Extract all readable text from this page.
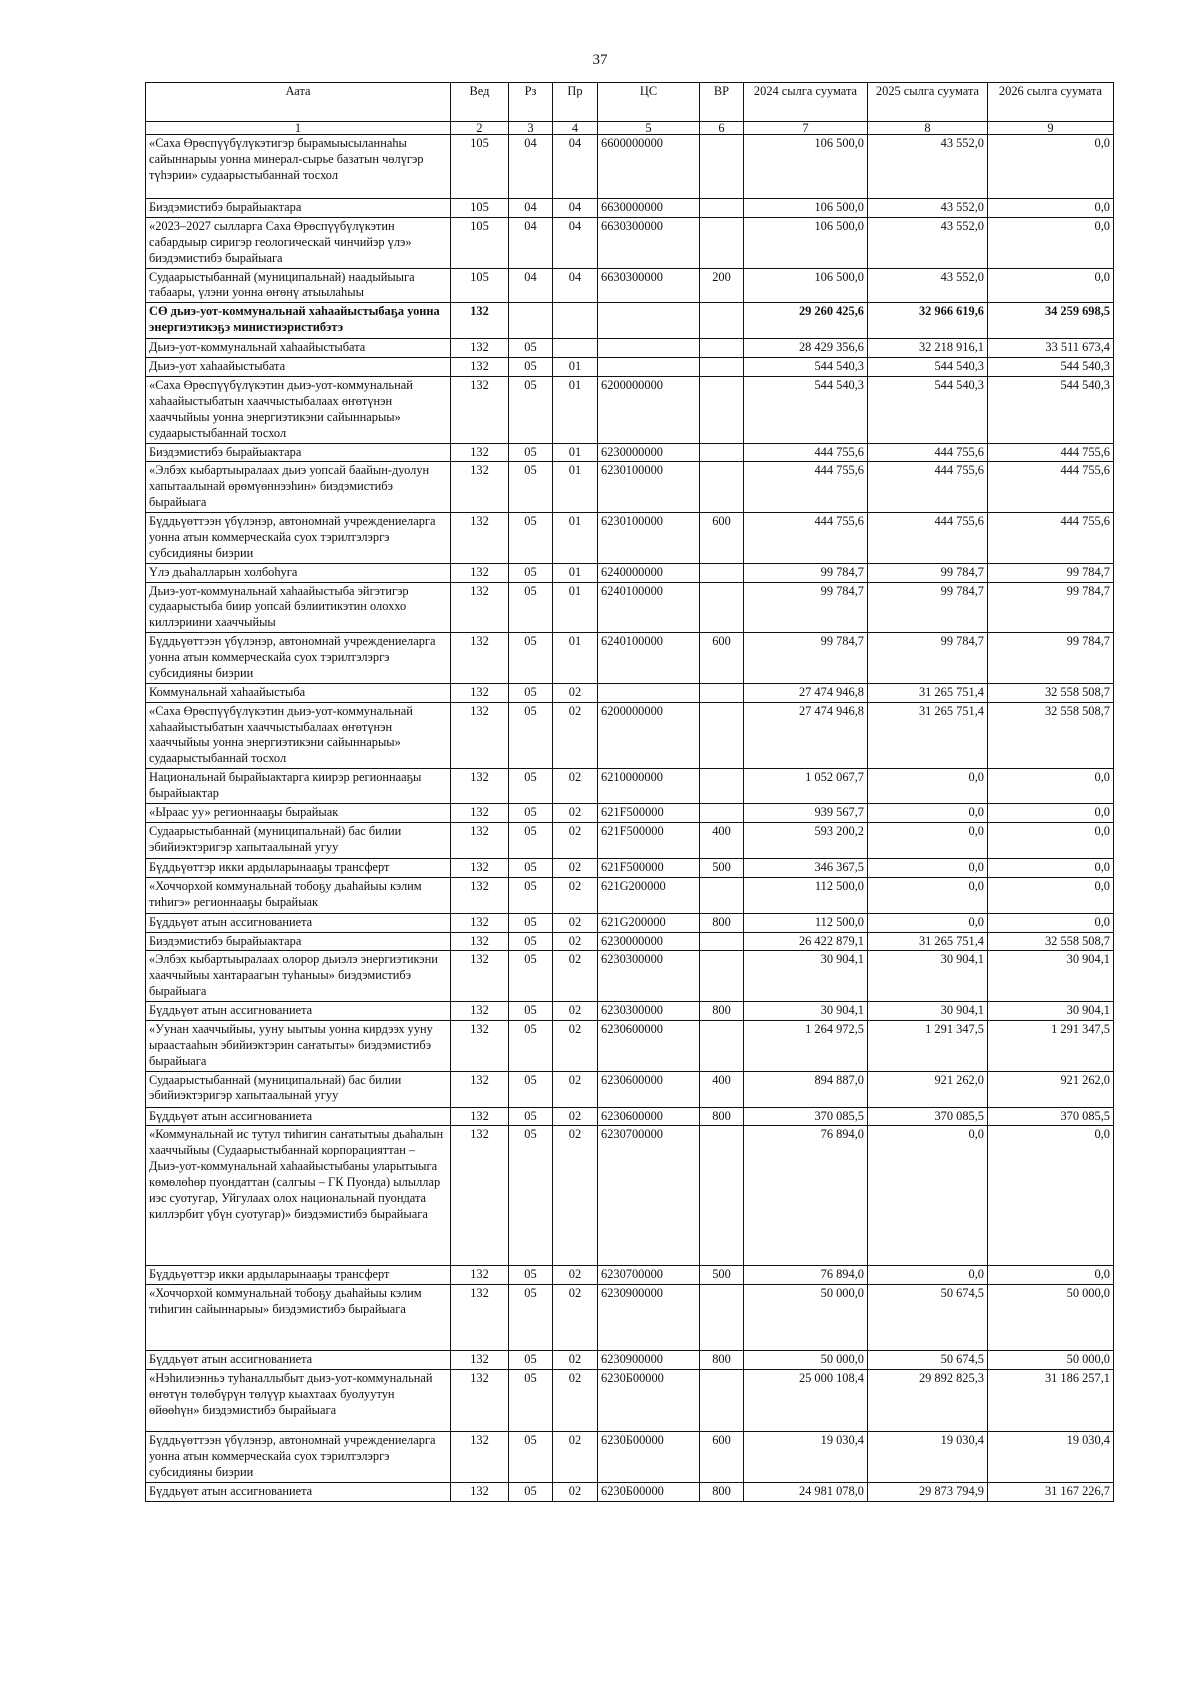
37
Аата	Вед	Рз	Пр	ЦС	ВР	2024 сылга суумата	2025 сылга суумата	2026 сылга суумата
1	2	3	4	5	6	7	8	9
«Саха Өрөспүүбүлүкэтигэр бырамыысыланнаһы сайыннарыы уонна минерал-сырье базатын чөлүгэр түһэрии» судаарыстыбаннай тосхол	105	04	04	6600000000		106 500,0	43 552,0	0,0
Биэдэмистибэ бырайыактара	105	04	04	6630000000		106 500,0	43 552,0	0,0
«2023–2027 сылларга Саха Өрөспүүбүлүкэтин сабардыыр сиригэр геологическай чинчийэр үлэ» биэдэмистибэ бырайыага	105	04	04	6630300000		106 500,0	43 552,0	0,0
Судаарыстыбаннай (муниципальнай) наадыйыыга табаары, үлэни уонна өҥөнү атыылаһыы	105	04	04	6630300000	200	106 500,0	43 552,0	0,0
СӨ дьиэ-уот-коммунальнай хаһаайыстыбаҕа уонна энергиэтикэҕэ министиэристибэтэ	132					29 260 425,6	32 966 619,6	34 259 698,5
Дьиэ-уот-коммунальнай хаһаайыстыбата	132	05				28 429 356,6	32 218 916,1	33 511 673,4
Дьиэ-уот хаһаайыстыбата	132	05	01			544 540,3	544 540,3	544 540,3
«Саха Өрөспүүбүлүкэтин дьиэ-уот-коммунальнай хаһаайыстыбатын хааччыстыбалаах өҥөтүнэн хааччыйыы уонна энергиэтикэни сайыннарыы» судаарыстыбаннай тосхол	132	05	01	6200000000		544 540,3	544 540,3	544 540,3
Биэдэмистибэ бырайыактара	132	05	01	6230000000		444 755,6	444 755,6	444 755,6
«Элбэх кыбартыыралаах дьиэ уопсай баайын-дуолун хапытаалынай өрөмүөннээһин» биэдэмистибэ бырайыага	132	05	01	6230100000		444 755,6	444 755,6	444 755,6
Бүддьүөттээн үбүлэнэр, автономнай учреждениеларга уонна атын коммерческайа суох тэрилтэлэргэ субсидияны биэрии	132	05	01	6230100000	600	444 755,6	444 755,6	444 755,6
Үлэ дьаһалларын холбоһуга	132	05	01	6240000000		99 784,7	99 784,7	99 784,7
Дьиэ-уот-коммунальнай хаһаайыстыба эйгэтигэр судаарыстыба биир уопсай бэлиитикэтин олоххо киллэриини хааччыйыы	132	05	01	6240100000		99 784,7	99 784,7	99 784,7
Бүддьүөттээн үбүлэнэр, автономнай учреждениеларга уонна атын коммерческайа суох тэрилтэлэргэ субсидияны биэрии	132	05	01	6240100000	600	99 784,7	99 784,7	99 784,7
Коммунальнай хаһаайыстыба	132	05	02			27 474 946,8	31 265 751,4	32 558 508,7
«Саха Өрөспүүбүлүкэтин дьиэ-уот-коммунальнай хаһаайыстыбатын хааччыстыбалаах өҥөтүнэн хааччыйыы уонна энергиэтикэни сайыннарыы» судаарыстыбаннай тосхол	132	05	02	6200000000		27 474 946,8	31 265 751,4	32 558 508,7
Национальнай бырайыактарга киирэр регионнааҕы бырайыактар	132	05	02	6210000000		1 052 067,7	0,0	0,0
«Ыраас уу» регионнааҕы бырайыак	132	05	02	621F500000		939 567,7	0,0	0,0
Судаарыстыбаннай (муниципальнай) бас билии эбийиэктэригэр хапытаалынай угуу	132	05	02	621F500000	400	593 200,2	0,0	0,0
Бүддьүөттэр икки ардыларынааҕы трансферт	132	05	02	621F500000	500	346 367,5	0,0	0,0
«Хоччорхой коммунальнай тобоҕу дьаһайыы кэлим тиһигэ» регионнааҕы бырайыак	132	05	02	621G200000		112 500,0	0,0	0,0
Бүддьүөт атын ассигнованиета	132	05	02	621G200000	800	112 500,0	0,0	0,0
Биэдэмистибэ бырайыактара	132	05	02	6230000000		26 422 879,1	31 265 751,4	32 558 508,7
«Элбэх кыбартыыралаах олорор дьиэлэ энергиэтикэни хааччыйыы хантараагын туһаныы» биэдэмистибэ бырайыага	132	05	02	6230300000		30 904,1	30 904,1	30 904,1
Бүддьүөт атын ассигнованиета	132	05	02	6230300000	800	30 904,1	30 904,1	30 904,1
«Уунан хааччыйыы, ууну ыытыы уонна кирдээх ууну ыраастааһын эбийиэктэрин саҥатыты» биэдэмистибэ бырайыага	132	05	02	6230600000		1 264 972,5	1 291 347,5	1 291 347,5
Судаарыстыбаннай (муниципальнай) бас билии эбийиэктэригэр хапытаалынай угуу	132	05	02	6230600000	400	894 887,0	921 262,0	921 262,0
Бүддьүөт атын ассигнованиета	132	05	02	6230600000	800	370 085,5	370 085,5	370 085,5
«Коммунальнай ис тутул тиһигин саҥатытыы дьаһалын хааччыйыы (Судаарыстыбаннай корпорацияттан – Дьиэ-уот-коммунальнай хаһаайыстыбаны уларытыыга көмөлөһөр пуондаттан (салгыы – ГК Пуонда) ылыллар иэс суотугар, Уйгулаах олох национальнай пуондата киллэрбит үбүн суотугар)» биэдэмистибэ бырайыага	132	05	02	6230700000		76 894,0	0,0	0,0
Бүддьүөттэр икки ардыларынааҕы трансферт	132	05	02	6230700000	500	76 894,0	0,0	0,0
«Хоччорхой коммунальнай тобоҕу дьаһайыы кэлим тиһигин сайыннарыы» биэдэмистибэ бырайыага	132	05	02	6230900000		50 000,0	50 674,5	50 000,0
Бүддьүөт атын ассигнованиета	132	05	02	6230900000	800	50 000,0	50 674,5	50 000,0
«Нэһилиэнньэ туһаналлыбыт дьиэ-уот-коммунальнай өҥөтүн төлөбүрүн төлүүр кыахтаах буолуутун өйөөһүн» биэдэмистибэ бырайыага	132	05	02	6230Б00000		25 000 108,4	29 892 825,3	31 186 257,1
Бүддьүөттээн үбүлэнэр, автономнай учреждениеларга уонна атын коммерческайа суох тэрилтэлэргэ субсидияны биэрии	132	05	02	6230Б00000	600	19 030,4	19 030,4	19 030,4
Бүддьүөт атын ассигнованиета	132	05	02	6230Б00000	800	24 981 078,0	29 873 794,9	31 167 226,7
